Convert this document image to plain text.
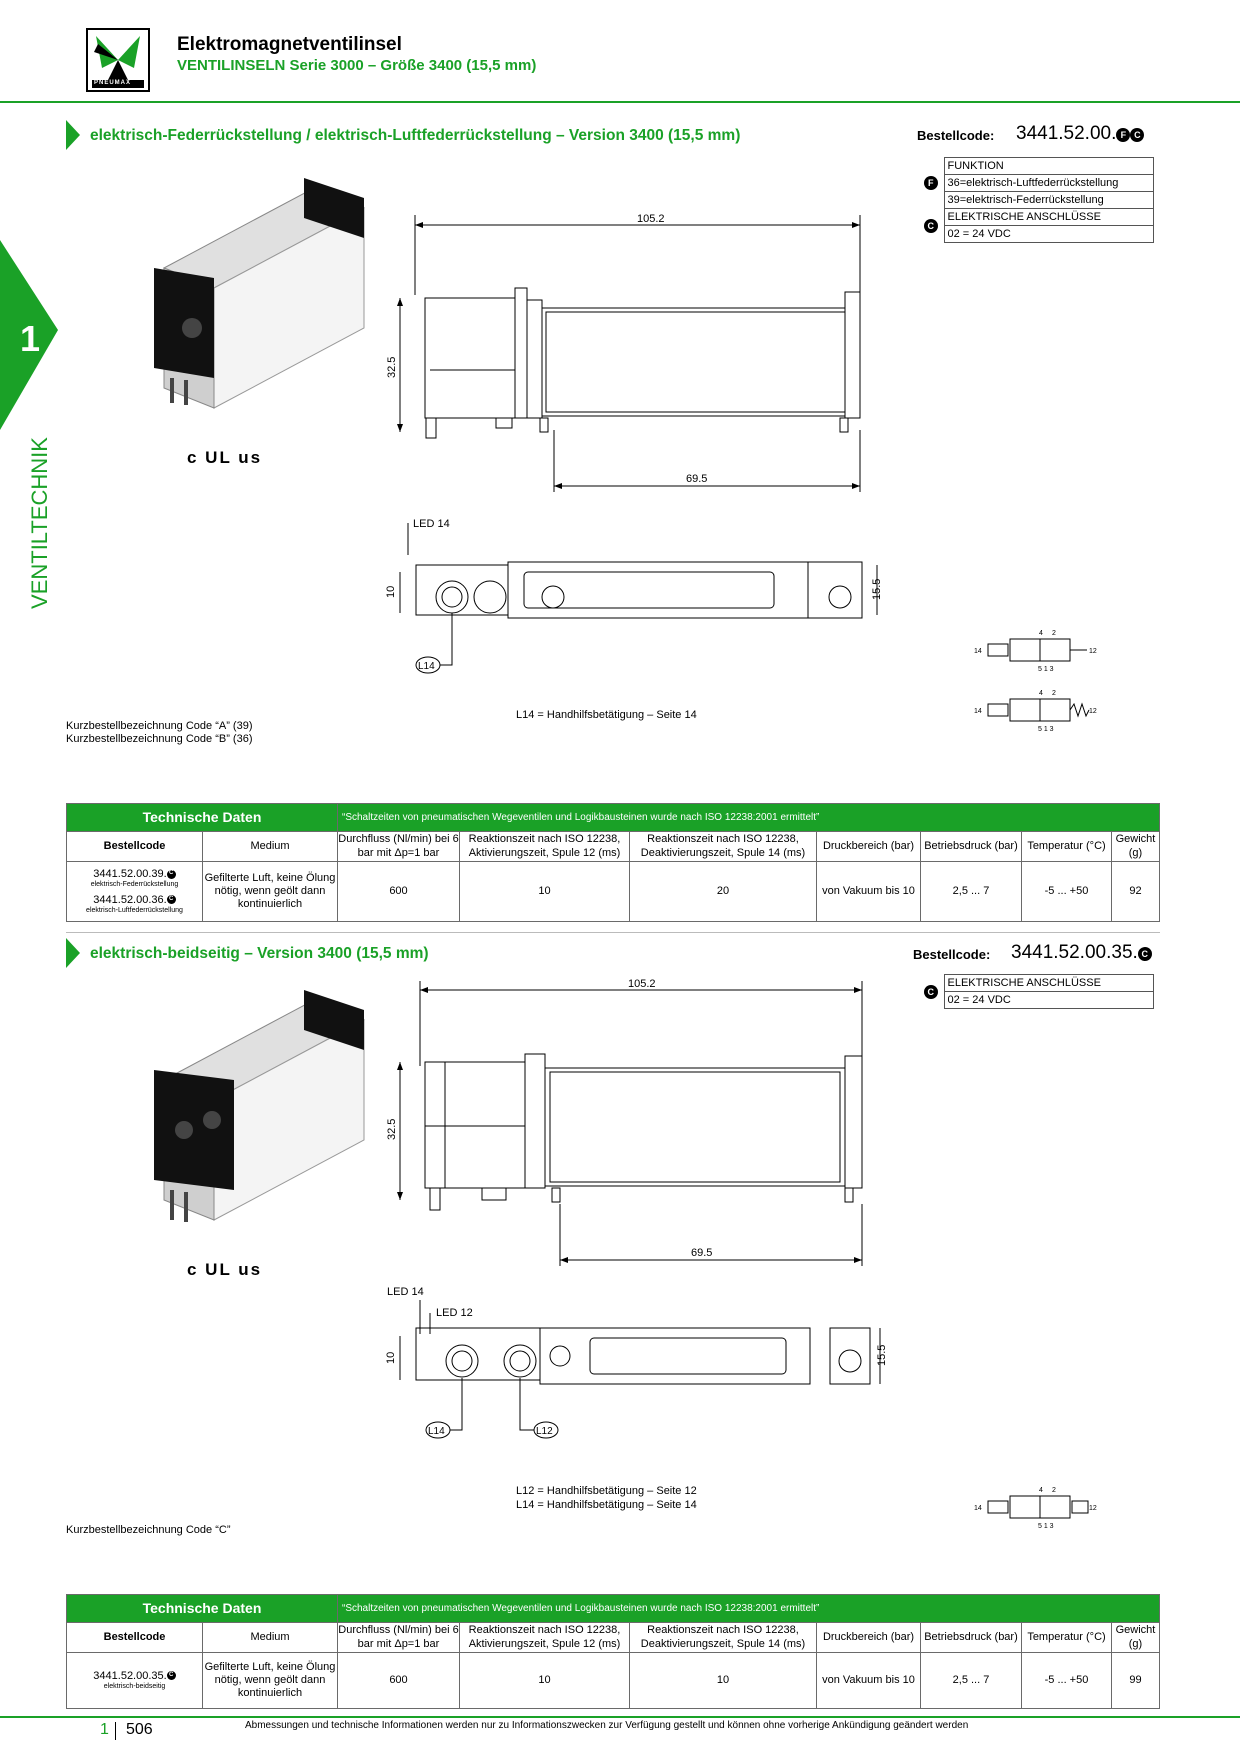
PNEUMAX
Elektromagnetventilinsel
VENTILINSELN Serie 3000 – Größe 3400 (15,5 mm)
1
VENTILTECHNIK
elektrisch-Federrückstellung / elektrisch-Luftfederrückstellung – Version 3400 (15,5 mm)	Bestellcode: 3441.52.00. F C
F	FUNKTION
	36=elektrisch-Luftfederrückstellung
	39=elektrisch-Federrückstellung
C	ELEKTRISCHE ANSCHLÜSSE
	02 = 24 VDC
c UL us
105.2
32.5
69.5
LED 14
10	15.5
L14
14	12
4 2
5 1 3
14	12
4 2
5 1 3
L14 = Handhilfsbetätigung – Seite 14
Kurzbestellbezeichnung Code “A” (39)
Kurzbestellbezeichnung Code “B” (36)
Technische Daten		“Schaltzeiten von pneumatischen Wegeventilen und Logikbausteinen wurde nach ISO 12238:2001 ermittelt”						
Bestellcode	Medium	Durchfluss (Nl/min) bei 6 bar mit Δp=1 bar	Reaktionszeit nach ISO 12238, Aktivierungszeit, Spule 12 (ms)	Reaktionszeit nach ISO 12238, Deaktivierungszeit, Spule 14 (ms)	Druckbereich (bar)	Betriebsdruck (bar)	Temperatur (°C)	Gewicht (g)
3441.52.00.39. C
elektrisch-Federrückstellung
3441.52.00.36. C
elektrisch-Luftfederrückstellung	Gefilterte Luft, keine Ölung nötig, wenn geölt dann kontinuierlich	600	10	20	von Vakuum bis 10	2,5 ... 7	-5 ... +50	92
elektrisch-beidseitig – Version 3400 (15,5 mm)	Bestellcode: 3441.52.00.35. C
C	ELEKTRISCHE ANSCHLÜSSE
02 = 24 VDC
c UL us
105.2
32.5
69.5
LED 14
LED 12
10	15.5
L14	L12
L12 = Handhilfsbetätigung – Seite 12
L14 = Handhilfsbetätigung – Seite 14	14	12
4 2
5 1 3
Kurzbestellbezeichnung Code “C”
Technische Daten		“Schaltzeiten von pneumatischen Wegeventilen und Logikbausteinen wurde nach ISO 12238:2001 ermittelt”						
Bestellcode	Medium	Durchfluss (Nl/min) bei 6 bar mit Δp=1 bar	Reaktionszeit nach ISO 12238, Aktivierungszeit, Spule 12 (ms)	Reaktionszeit nach ISO 12238, Deaktivierungszeit, Spule 14 (ms)	Druckbereich (bar)	Betriebsdruck (bar)	Temperatur (°C)	Gewicht (g)
3441.52.00.35. C
elektrisch-beidseitig	Gefilterte Luft, keine Ölung nötig, wenn geölt dann kontinuierlich	600	10	10	von Vakuum bis 10	2,5 ... 7	-5 ... +50	99
1 506	Abmessungen und technische Informationen werden nur zu Informationszwecken zur Verfügung gestellt und können ohne vorherige Ankündigung geändert werden
